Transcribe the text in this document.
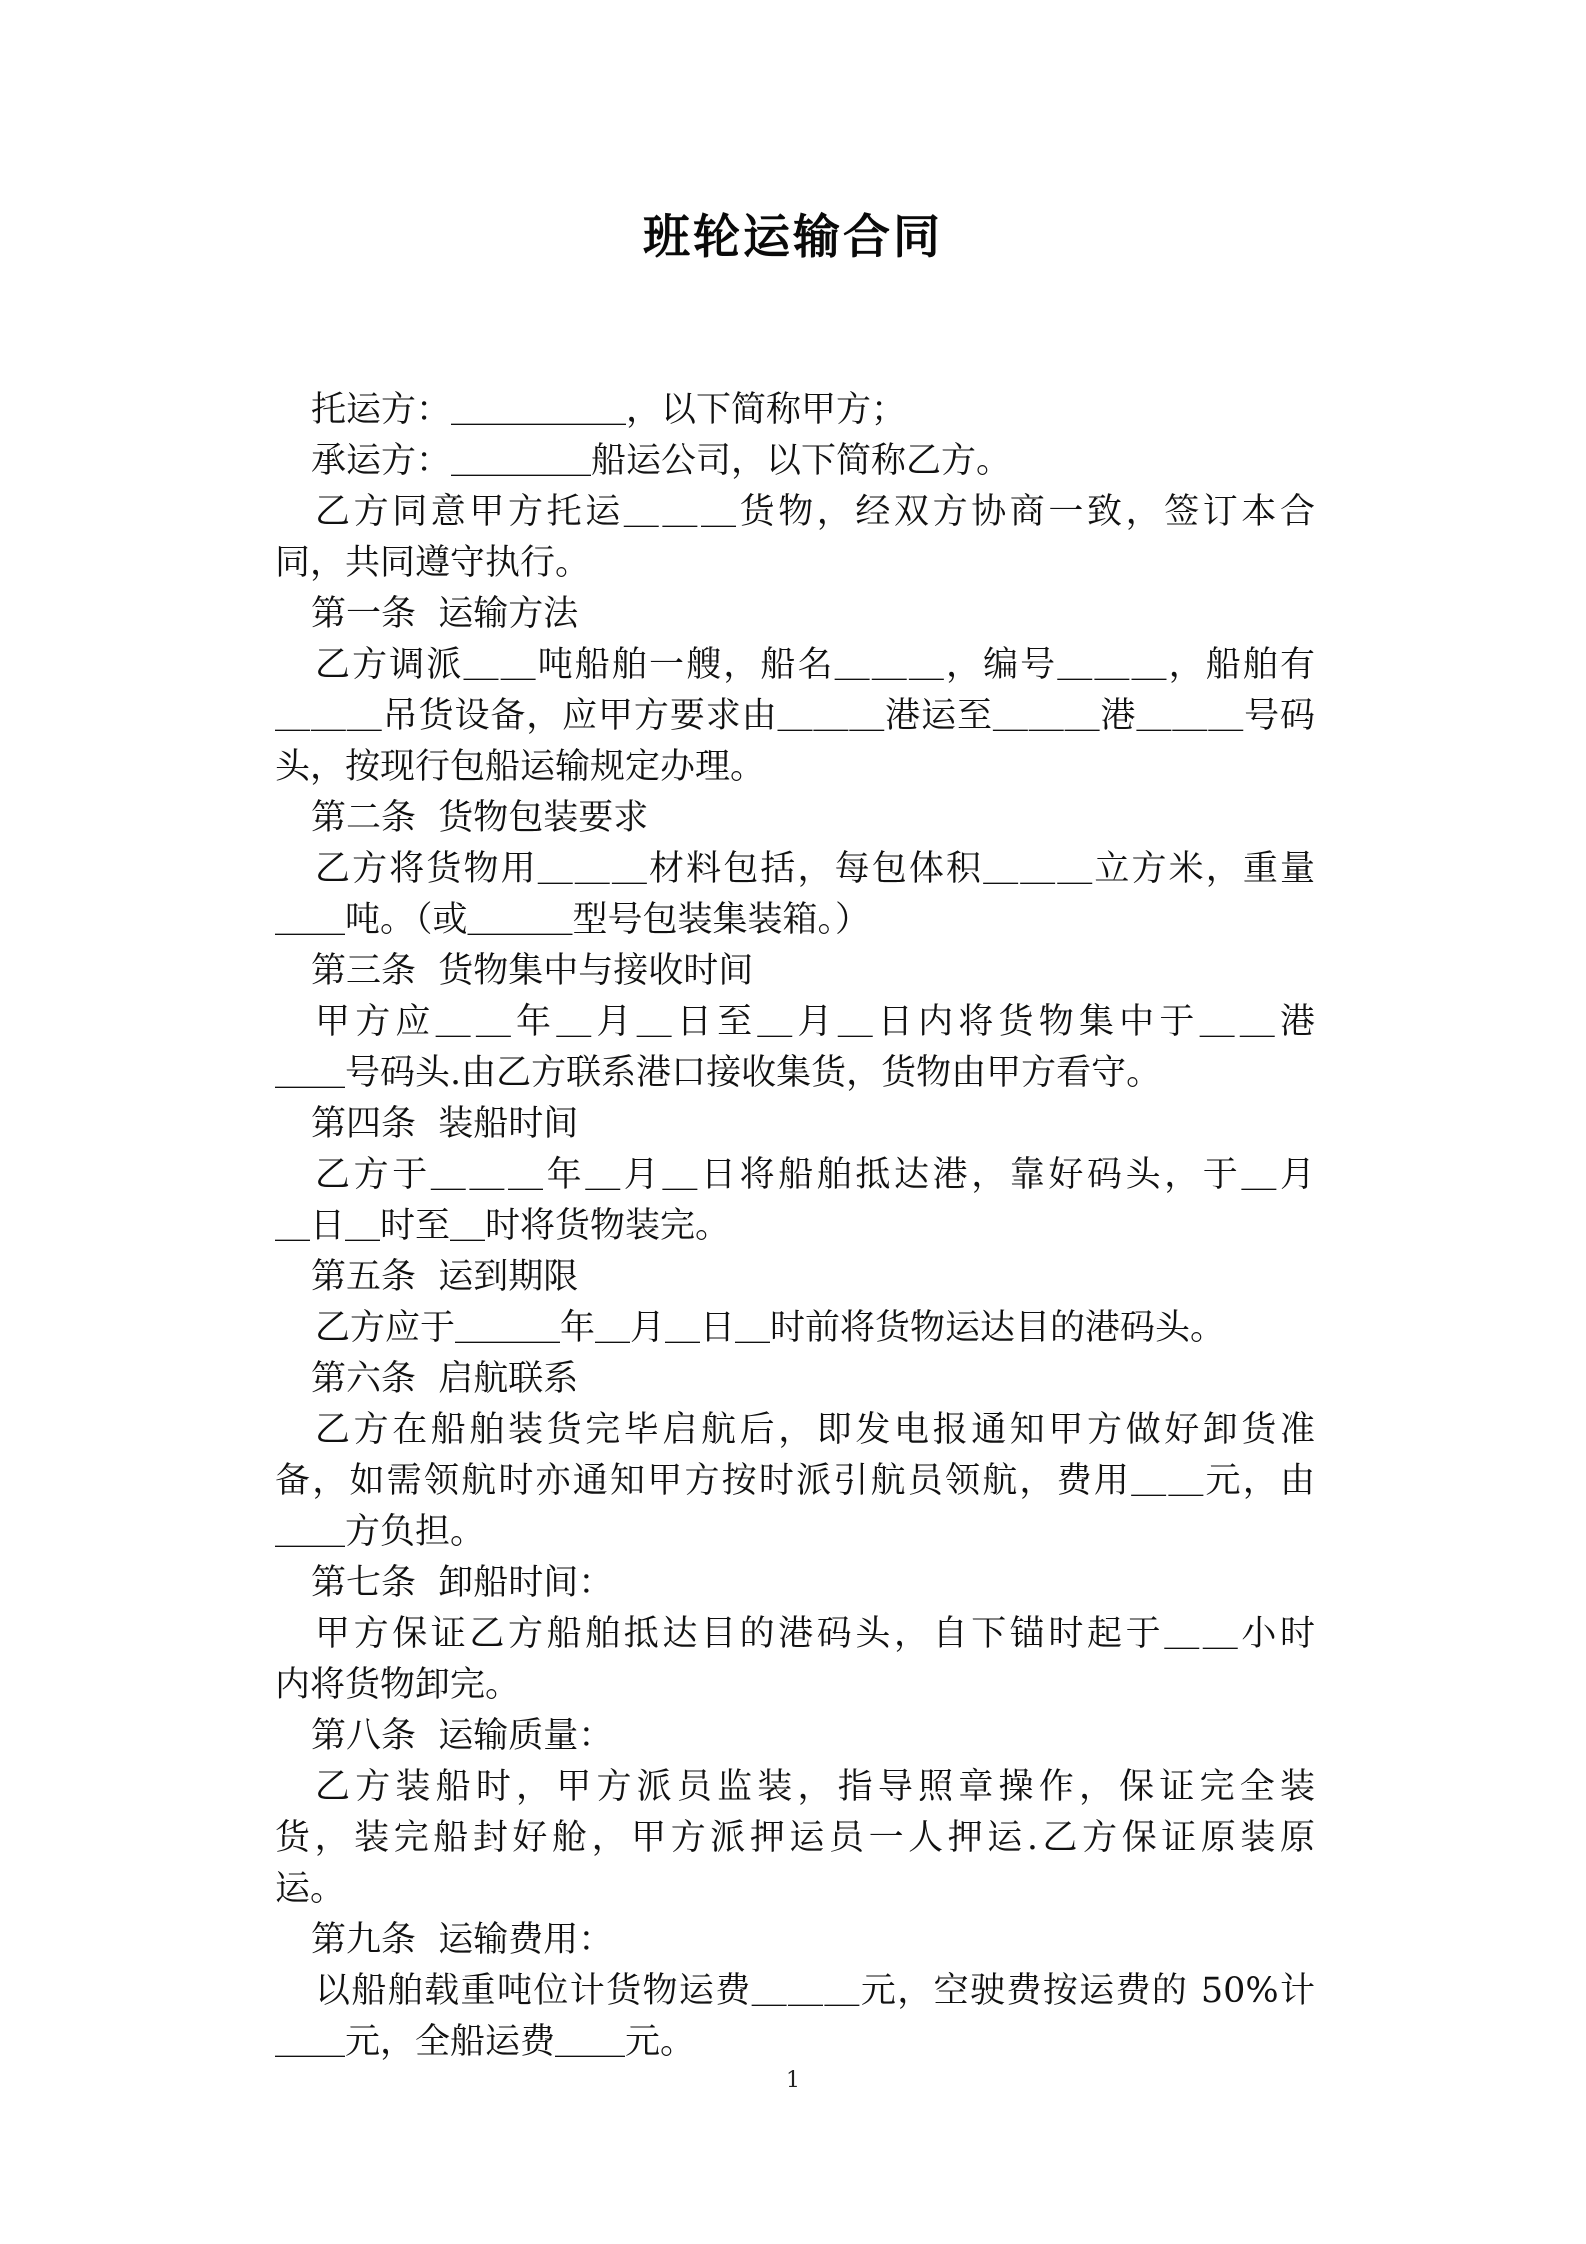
班轮运输合同
托运方：＿＿＿＿＿，以下简称甲方；
承运方：＿＿＿＿船运公司，以下简称乙方。
乙方同意甲方托运＿＿＿货物，经双方协商一致，签订本合
同，共同遵守执行。
第一条  运输方法
乙方调派＿＿吨船舶一艘，船名＿＿＿，编号＿＿＿，船舶有
＿＿＿吊货设备，应甲方要求由＿＿＿港运至＿＿＿港＿＿＿号码
头，按现行包船运输规定办理。
第二条  货物包装要求
乙方将货物用＿＿＿材料包括，每包体积＿＿＿立方米，重量
＿＿吨。（或＿＿＿型号包装集装箱。）
第三条  货物集中与接收时间
甲方应＿＿年＿月＿日至＿月＿日内将货物集中于＿＿港
＿＿号码头.由乙方联系港口接收集货，货物由甲方看守。
第四条  装船时间
乙方于＿＿＿年＿月＿日将船舶抵达港，靠好码头，于＿月
＿日＿时至＿时将货物装完。
第五条  运到期限
乙方应于＿＿＿年＿月＿日＿时前将货物运达目的港码头。
第六条  启航联系
乙方在船舶装货完毕启航后，即发电报通知甲方做好卸货准
备，如需领航时亦通知甲方按时派引航员领航，费用＿＿元，由
＿＿方负担。
第七条  卸船时间：
甲方保证乙方船舶抵达目的港码头，自下锚时起于＿＿小时
内将货物卸完。
第八条  运输质量：
乙方装船时，甲方派员监装，指导照章操作，保证完全装
货，装完船封好舱，甲方派押运员一人押运.乙方保证原装原
运。
第九条  运输费用：
以船舶载重吨位计货物运费＿＿＿元，空驶费按运费的 50%计
＿＿元，全船运费＿＿元。
1
